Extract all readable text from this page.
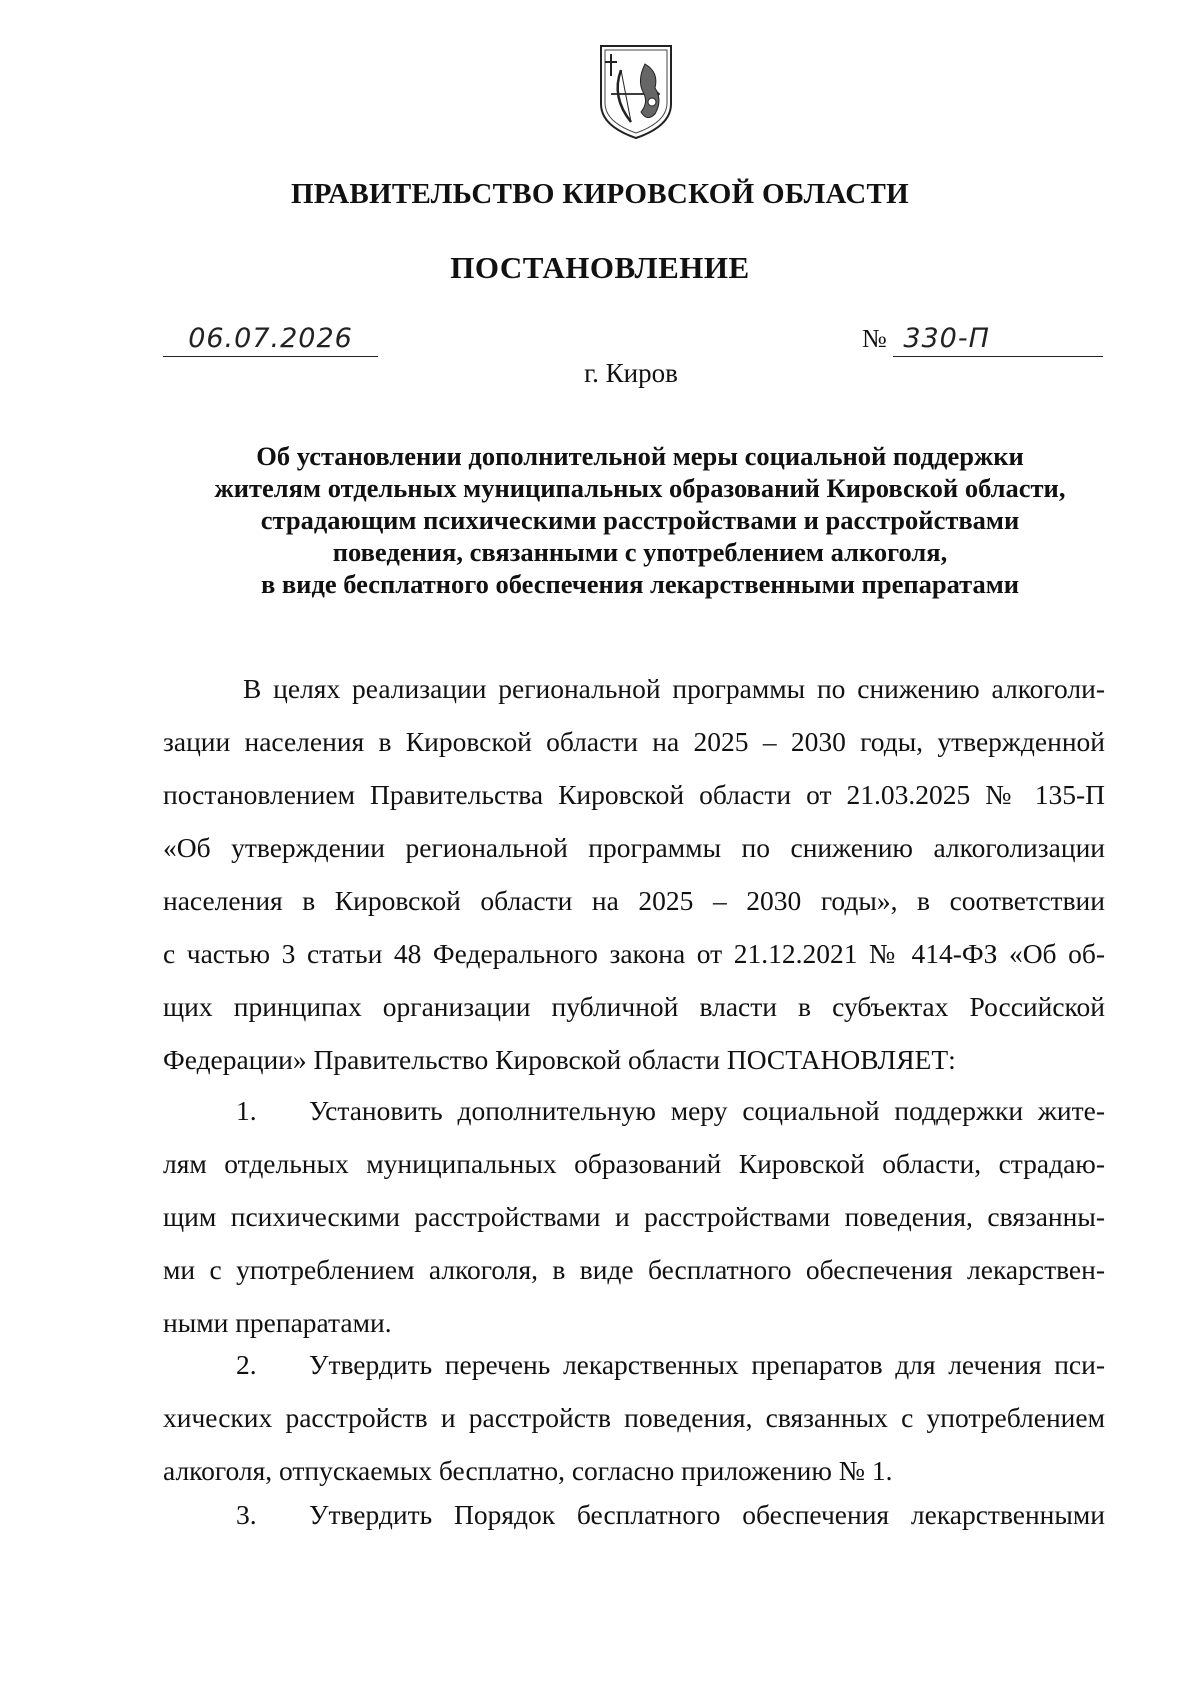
ПРАВИТЕЛЬСТВО КИРОВСКОЙ ОБЛАСТИ
ПОСТАНОВЛЕНИЕ
06.07.2026	№ 330-П
г. Киров
Об установлении дополнительной меры социальной поддержки
жителям отдельных муниципальных образований Кировской области,
страдающим психическими расстройствами и расстройствами
поведения, связанными с употреблением алкоголя,
в виде бесплатного обеспечения лекарственными препаратами
В целях реализации региональной программы по снижению алкоголи-
зации населения в Кировской области на 2025 – 2030 годы, утвержденной
постановлением Правительства Кировской области от 21.03.2025 № 135-П
«Об утверждении региональной программы по снижению алкоголизации
населения в Кировской области на 2025 – 2030 годы», в соответствии
с частью 3 статьи 48 Федерального закона от 21.12.2021 № 414-ФЗ «Об об-
щих принципах организации публичной власти в субъектах Российской
Федерации» Правительство Кировской области ПОСТАНОВЛЯЕТ:
1.	Установить дополнительную меру социальной поддержки жите-
лям отдельных муниципальных образований Кировской области, страдаю-
щим психическими расстройствами и расстройствами поведения, связанны-
ми с употреблением алкоголя, в виде бесплатного обеспечения лекарствен-
ными препаратами.
2.	Утвердить перечень лекарственных препаратов для лечения пси-
хических расстройств и расстройств поведения, связанных с употреблением
алкоголя, отпускаемых бесплатно, согласно приложению № 1.
3.	Утвердить Порядок бесплатного обеспечения лекарственными
